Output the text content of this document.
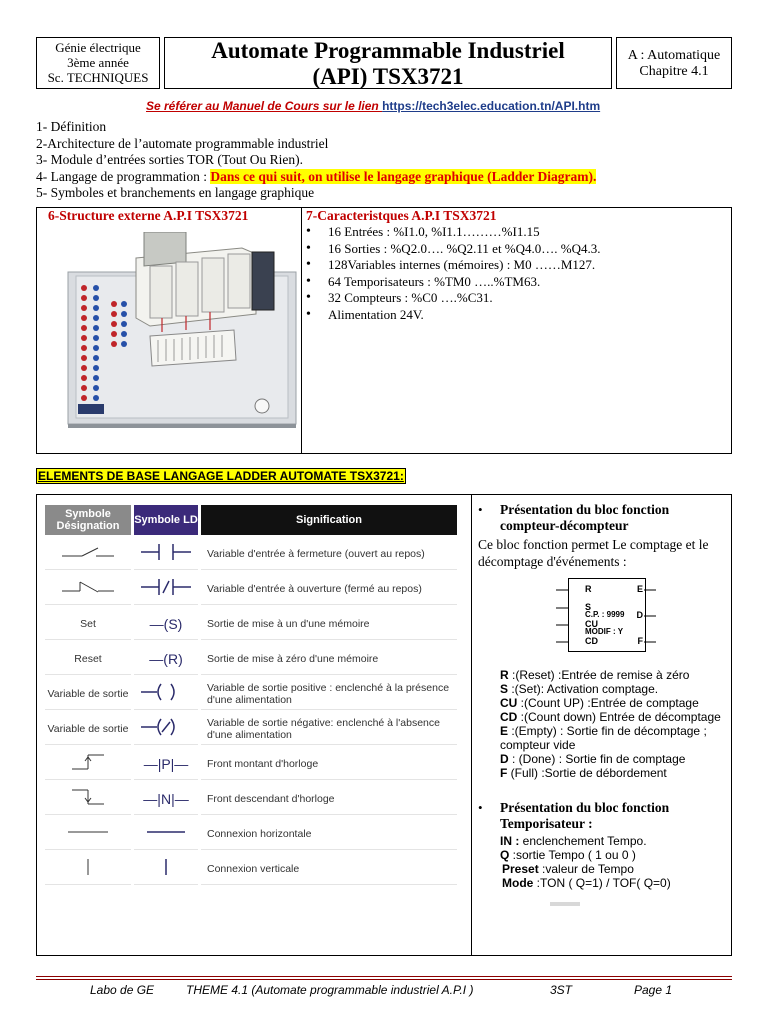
Génie électrique
3ème année
Sc. TECHNIQUES
Automate Programmable Industriel
(API) TSX3721
A : Automatique
Chapitre 4.1
Se référer au Manuel de Cours sur le lien https://tech3elec.education.tn/API.htm
1- Définition
2-Architecture de l’automate programmable industriel
3- Module d’entrées sorties TOR (Tout Ou Rien).
4- Langage de programmation : Dans ce qui suit, on utilise le langage graphique (Ladder Diagram).
5- Symboles et branchements en langage graphique
6-Structure externe A.P.I TSX3721	7-Caracteristques A.P.I TSX3721
• 16 Entrées : %I1.0, %I1.1………%I1.15
• 16 Sorties : %Q2.0…. %Q2.11 et %Q4.0…. %Q4.3.
• 128Variables internes (mémoires) : M0 ……M127.
• 64 Temporisateurs : %TM0 …..%TM63.
• 32 Compteurs : %C0 ….%C31.
• Alimentation 24V.
ELEMENTS DE BASE LANGAGE LADDER AUTOMATE TSX3721:
Symbole Désignation	Symbole LD	Signification
		Variable d'entrée à fermeture (ouvert au repos)
		Variable d'entrée à ouverture (fermé au repos)
Set	—(S)	Sortie de mise à un d'une mémoire
Reset	—(R)	Sortie de mise à zéro d'une mémoire
Variable de sortie		Variable de sortie positive : enclenché à la présence d'une alimentation
Variable de sortie		Variable de sortie négative: enclenché à l'absence d'une alimentation
	—|P|—	Front montant d'horloge
	—|N|—	Front descendant d'horloge
		Connexion horizontale
		Connexion verticale
• Présentation du bloc fonction compteur-décompteur
Ce bloc fonction permet Le comptage et le décomptage d'événements :
R	E
S
C.P. : 9999 D
CU
MODIF : Y
CD	F
R :(Reset) :Entrée de remise à zéro
S :(Set): Activation comptage.
CU :(Count UP) :Entrée de comptage
CD :(Count down) Entrée de décomptage
E :(Empty) : Sortie fin de décomptage ; compteur vide
D : (Done) : Sortie fin de comptage
F (Full) :Sortie de débordement
• Présentation du bloc fonction Temporisateur :
IN : enclenchement Tempo.
Q :sortie Tempo ( 1 ou 0 )
Preset :valeur de Tempo
Mode :TON ( Q=1) / TOF( Q=0)
Labo de GE	THEME 4.1 (Automate programmable industriel A.P.I )	3ST	Page 1
